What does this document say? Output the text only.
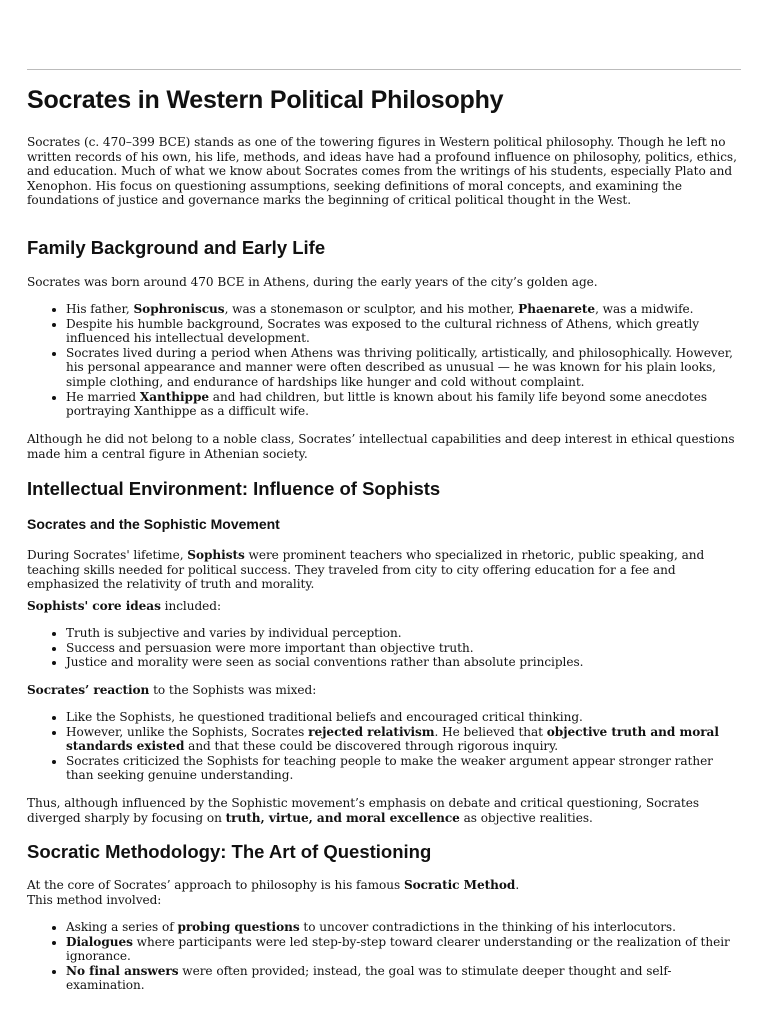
Socrates in Western Political Philosophy

Socrates (c. 470–399 BCE) stands as one of the towering figures in Western political philosophy. Though he left no written records of his own, his life, methods, and ideas have had a profound influence on philosophy, politics, ethics, and education. Much of what we know about Socrates comes from the writings of his students, especially Plato and Xenophon. His focus on questioning assumptions, seeking definitions of moral concepts, and examining the foundations of justice and governance marks the beginning of critical political thought in the West.

Family Background and Early Life

Socrates was born around 470 BCE in Athens, during the early years of the city’s golden age.

• His father, Sophroniscus, was a stonemason or sculptor, and his mother, Phaenarete, was a midwife.
• Despite his humble background, Socrates was exposed to the cultural richness of Athens, which greatly influenced his intellectual development.
• Socrates lived during a period when Athens was thriving politically, artistically, and philosophically. However, his personal appearance and manner were often described as unusual — he was known for his plain looks, simple clothing, and endurance of hardships like hunger and cold without complaint.
• He married Xanthippe and had children, but little is known about his family life beyond some anecdotes portraying Xanthippe as a difficult wife.

Although he did not belong to a noble class, Socrates’ intellectual capabilities and deep interest in ethical questions made him a central figure in Athenian society.

Intellectual Environment: Influence of Sophists
Socrates and the Sophistic Movement

During Socrates' lifetime, Sophists were prominent teachers who specialized in rhetoric, public speaking, and teaching skills needed for political success. They traveled from city to city offering education for a fee and emphasized the relativity of truth and morality.

Sophists' core ideas included:

• Truth is subjective and varies by individual perception.
• Success and persuasion were more important than objective truth.
• Justice and morality were seen as social conventions rather than absolute principles.

Socrates’ reaction to the Sophists was mixed:

• Like the Sophists, he questioned traditional beliefs and encouraged critical thinking.
• However, unlike the Sophists, Socrates rejected relativism. He believed that objective truth and moral standards existed and that these could be discovered through rigorous inquiry.
• Socrates criticized the Sophists for teaching people to make the weaker argument appear stronger rather than seeking genuine understanding.

Thus, although influenced by the Sophistic movement’s emphasis on debate and critical questioning, Socrates diverged sharply by focusing on truth, virtue, and moral excellence as objective realities.

Socratic Methodology: The Art of Questioning

At the core of Socrates’ approach to philosophy is his famous Socratic Method.
This method involved:

• Asking a series of probing questions to uncover contradictions in the thinking of his interlocutors.
• Dialogues where participants were led step-by-step toward clearer understanding or the realization of their ignorance.
• No final answers were often provided; instead, the goal was to stimulate deeper thought and self-examination.
